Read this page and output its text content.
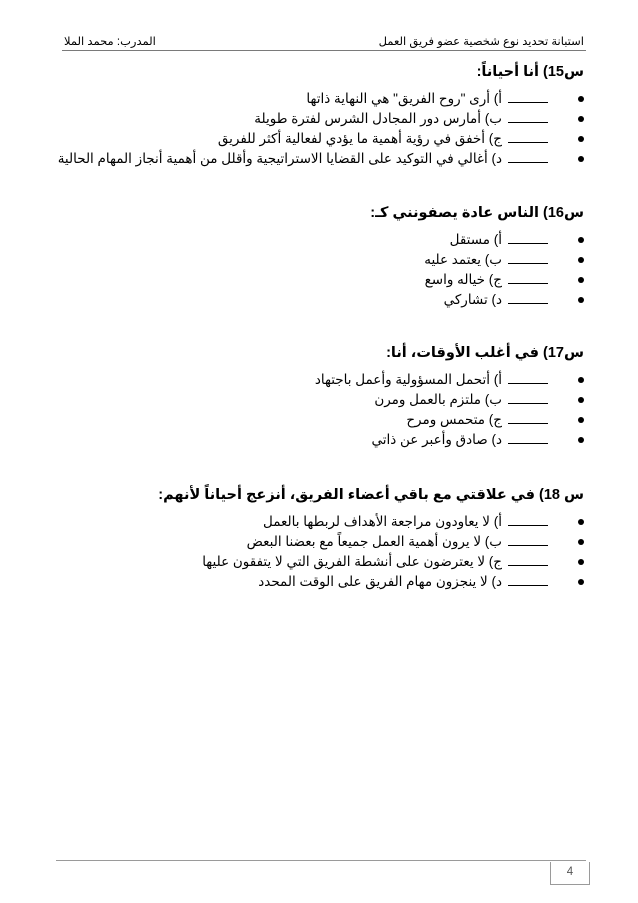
استبانة تحديد نوع شخصية عضو فريق العمل
المدرب: محمد الملا
س15) أنا أحياناً:
أ) أرى "روح الفريق" هي النهاية ذاتها
ب) أمارس دور المجادل الشرس لفترة طويلة
ج) أخفق في رؤية أهمية ما يؤدي لفعالية أكثر للفريق
د) أغالي في التوكيد على القضايا الاستراتيجية وأقلل من أهمية أنجاز المهام الحالية
س16) الناس عادة يصفونني كـ:
أ) مستقل
ب) يعتمد عليه
ج) خياله واسع
د) تشاركي
س17) في أغلب الأوقات، أنا:
أ) أتحمل المسؤولية وأعمل باجتهاد
ب) ملتزم بالعمل ومرن
ج) متحمس ومرح
د) صادق وأعبر عن ذاتي
س 18) في علاقتي مع باقي أعضاء الفريق، أنزعج أحياناً لأنهم:
أ) لا يعاودون مراجعة الأهداف لربطها بالعمل
ب) لا يرون أهمية العمل جميعاً مع بعضنا البعض
ج) لا يعترضون على أنشطة الفريق التي لا يتفقون عليها
د) لا ينجزون مهام الفريق على الوقت المحدد
4
